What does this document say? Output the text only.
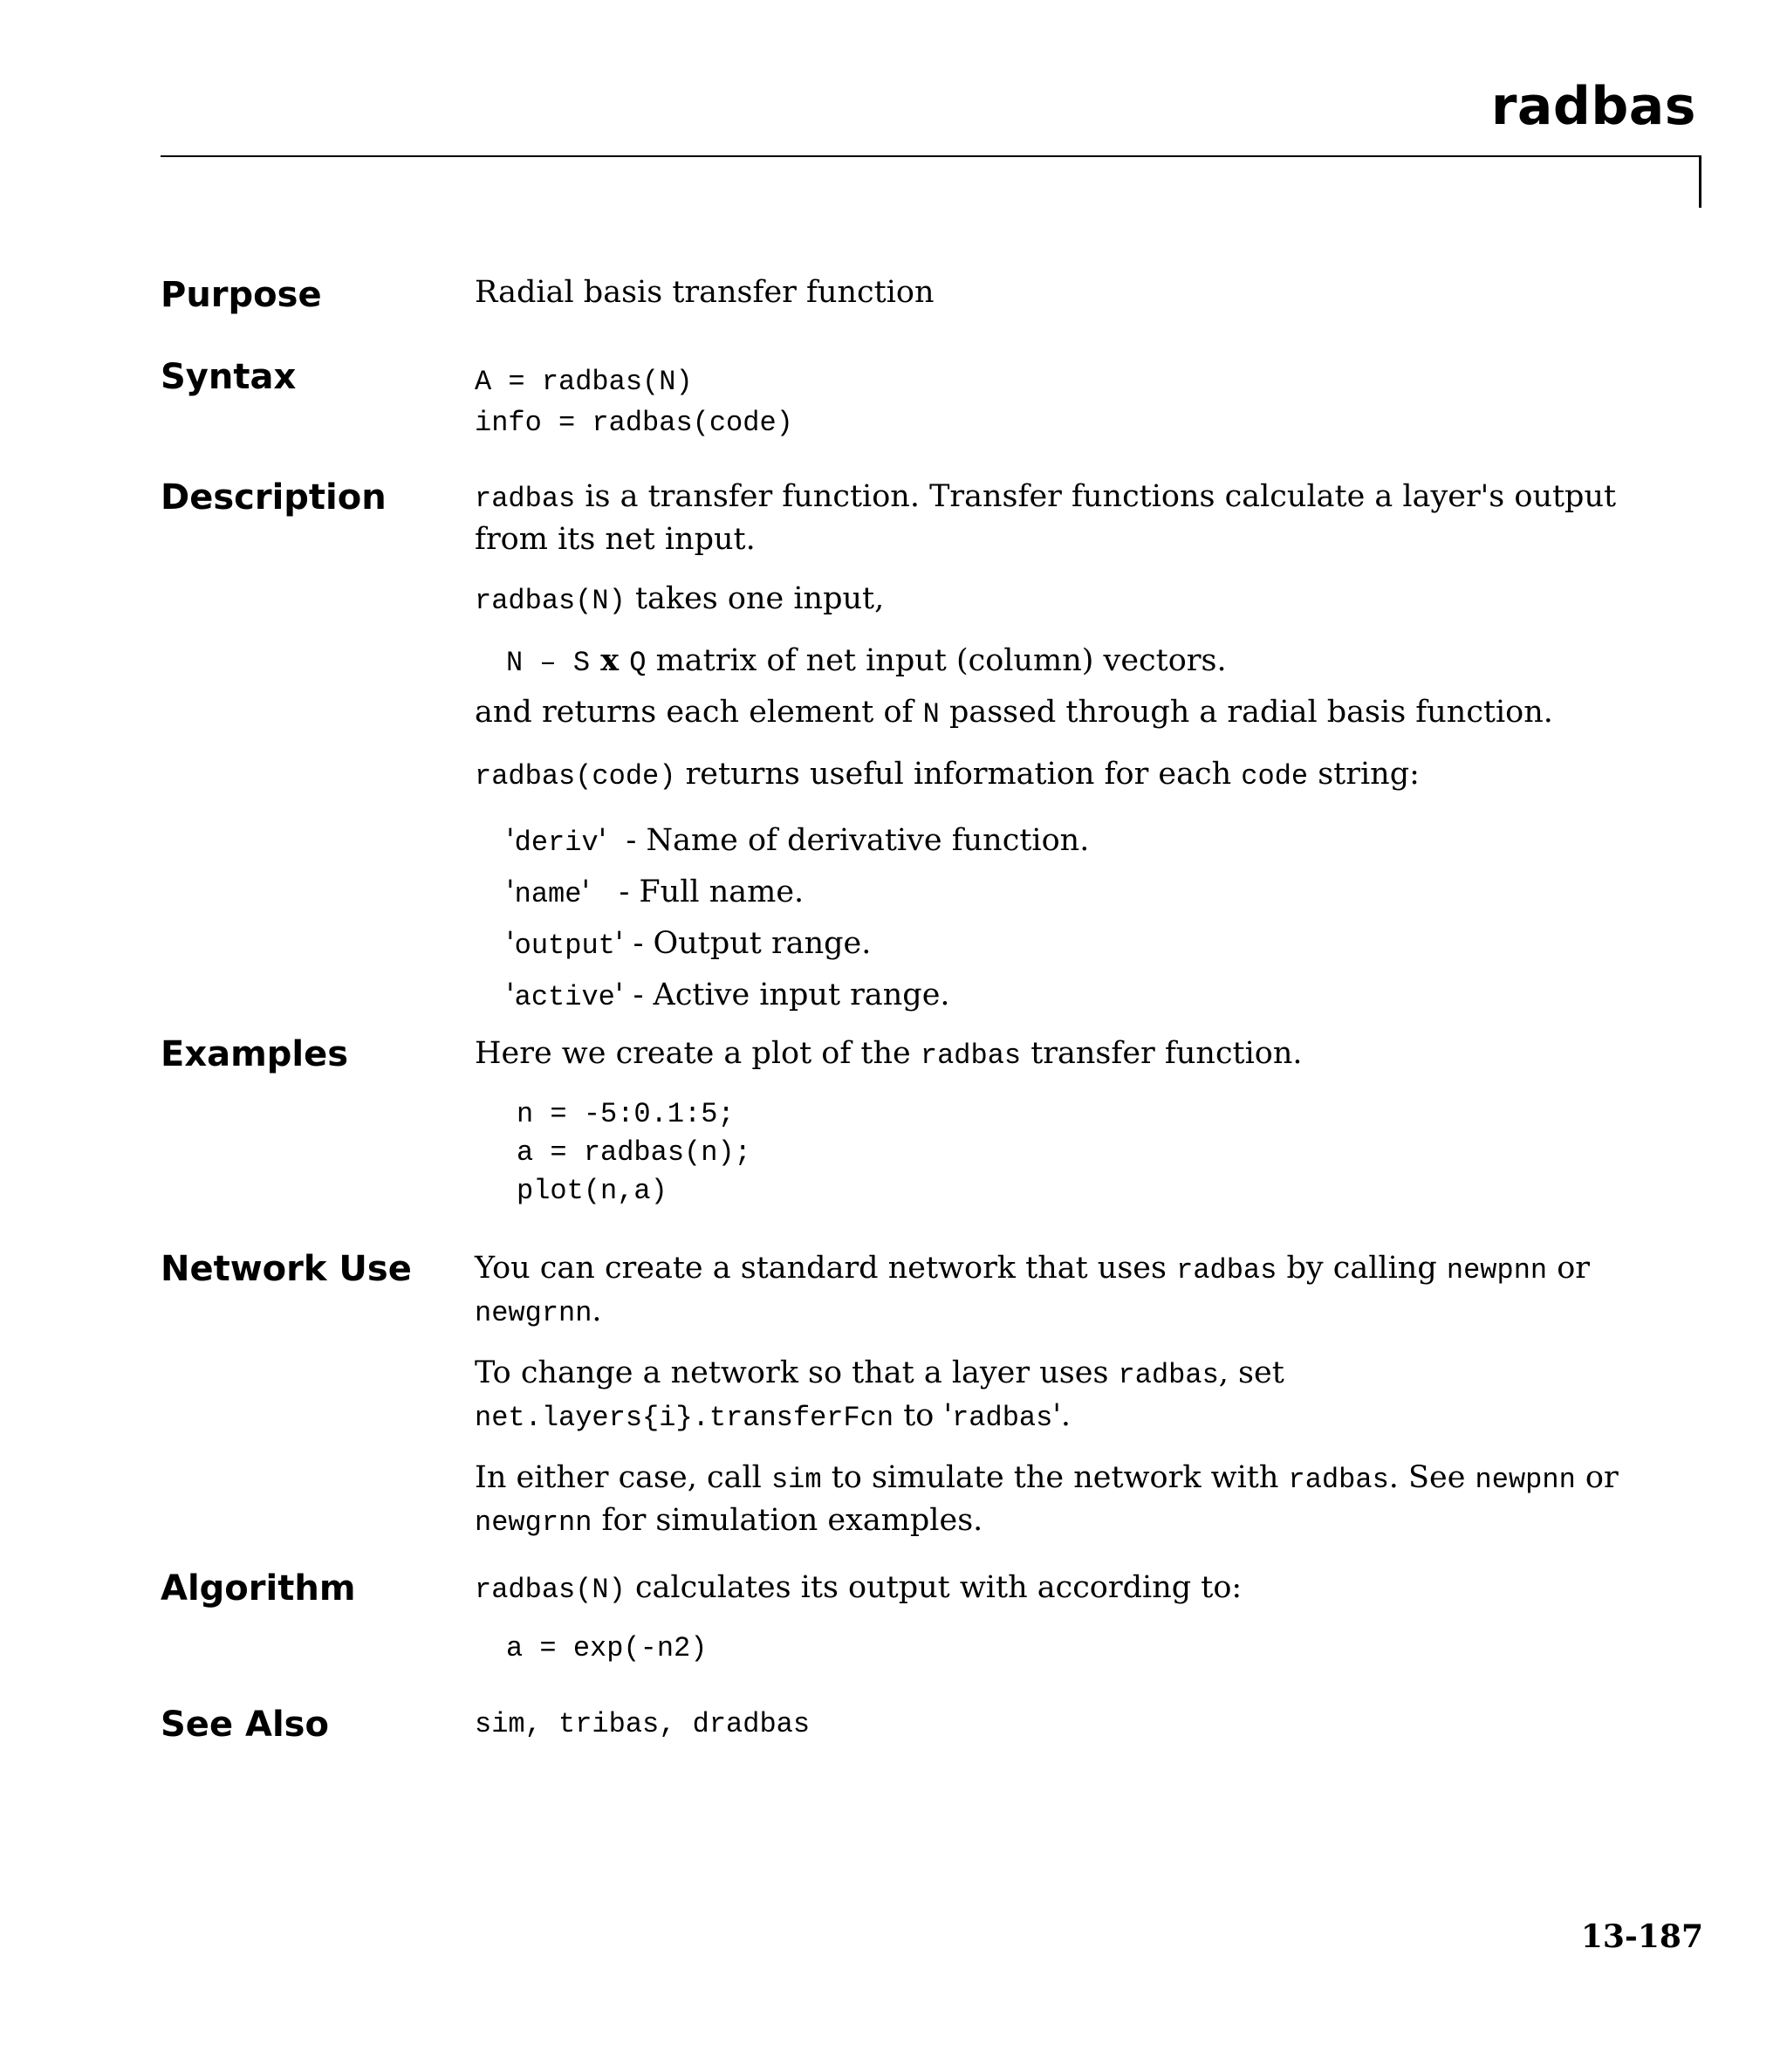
radbas
Purpose	Radial basis transfer function

Syntax	A = radbas(N)
info = radbas(code)
Description	radbas is a transfer function. Transfer functions calculate a layer's output from its net input.

radbas(N) takes one input,

N – S x Q matrix of net input (column) vectors.

and returns each element of N passed through a radial basis function.

radbas(code) returns useful information for each code string:

'deriv'  - Name of derivative function.

'name'   - Full name.

'output' - Output range.

'active' - Active input range.

Examples	Here we create a plot of the radbas transfer function.

n = -5:0.1:5;
a = radbas(n);
plot(n,a)
Network Use You can create a standard network that uses radbas by calling newpnn or
newgrnn.

To change a network so that a layer uses radbas, set
net.layers{i}.transferFcn to 'radbas'.

In either case, call sim to simulate the network with radbas. See newpnn or
newgrnn for simulation examples.

Algorithm	radbas(N) calculates its output with according to:

a = exp(-n2)
See Also	sim, tribas, dradbas
13-187
